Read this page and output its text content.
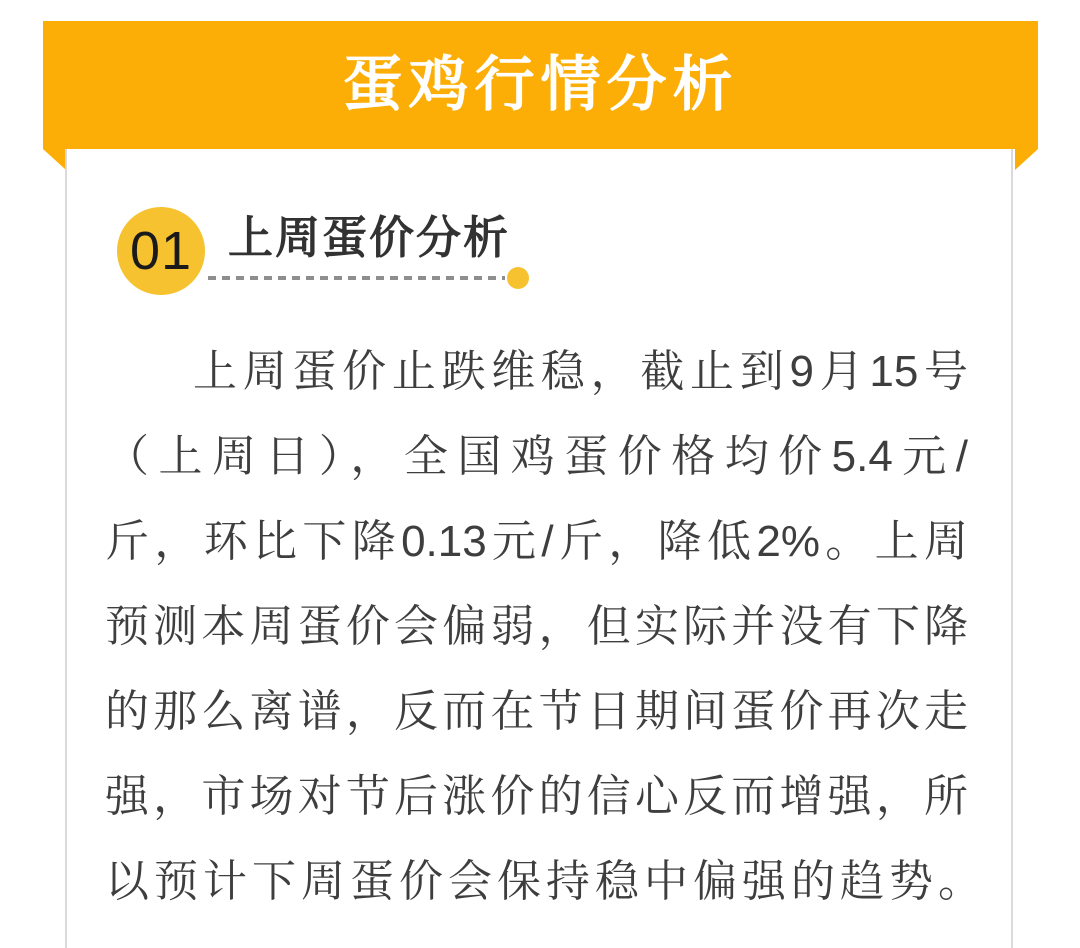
蛋鸡行情分析
01 上周蛋价分析
上周蛋价止跌维稳，截止到9月15号
（上周日），全国鸡蛋价格均价5.4元/
斤，环比下降0.13元/斤，降低2%。上周
预测本周蛋价会偏弱，但实际并没有下降
的那么离谱，反而在节日期间蛋价再次走
强，市场对节后涨价的信心反而增强，所
以预计下周蛋价会保持稳中偏强的趋势。
